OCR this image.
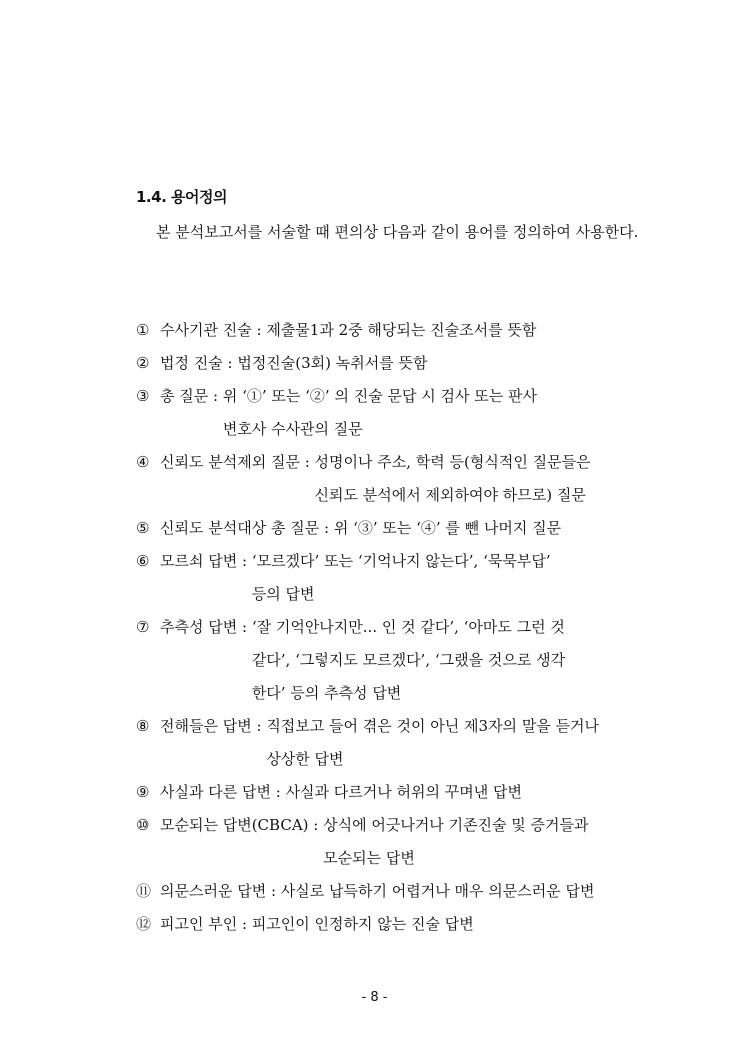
1.4. 용어정의
본 분석보고서를 서술할 때 편의상 다음과 같이 용어를 정의하여 사용한다.
① 수사기관 진술 : 제출물1과 2중 해당되는 진술조서를 뜻함
② 법정 진술 : 법정진술(3회) 녹취서를 뜻함
③ 총 질문 : 위 ‘①’ 또는 ‘②’ 의 진술 문답 시 검사 또는 판사
변호사 수사관의 질문
④ 신뢰도 분석제외 질문 : 성명이나 주소, 학력 등(형식적인 질문들은
신뢰도 분석에서 제외하여야 하므로) 질문
⑤ 신뢰도 분석대상 총 질문 : 위 ‘③’ 또는 ‘④’ 를 뺀 나머지 질문
⑥ 모르쇠 답변 : ‘모르겠다’ 또는 ‘기억나지 않는다’, ‘묵묵부답’
등의 답변
⑦ 추측성 답변 : ‘잘 기억안나지만... 인 것 같다’, ‘아마도 그런 것
같다’, ‘그렇지도 모르겠다’, ‘그랬을 것으로 생각
한다’ 등의 추측성 답변
⑧ 전해들은 답변 : 직접보고 들어 겪은 것이 아닌 제3자의 말을 듣거나
상상한 답변
⑨ 사실과 다른 답변 : 사실과 다르거나 허위의 꾸며낸 답변
⑩ 모순되는 답변(CBCA) : 상식에 어긋나거나 기존진술 및 증거들과
모순되는 답변
⑪ 의문스러운 답변 : 사실로 납득하기 어렵거나 매우 의문스러운 답변
⑫ 피고인 부인 : 피고인이 인정하지 않는 진술 답변
- 8 -
